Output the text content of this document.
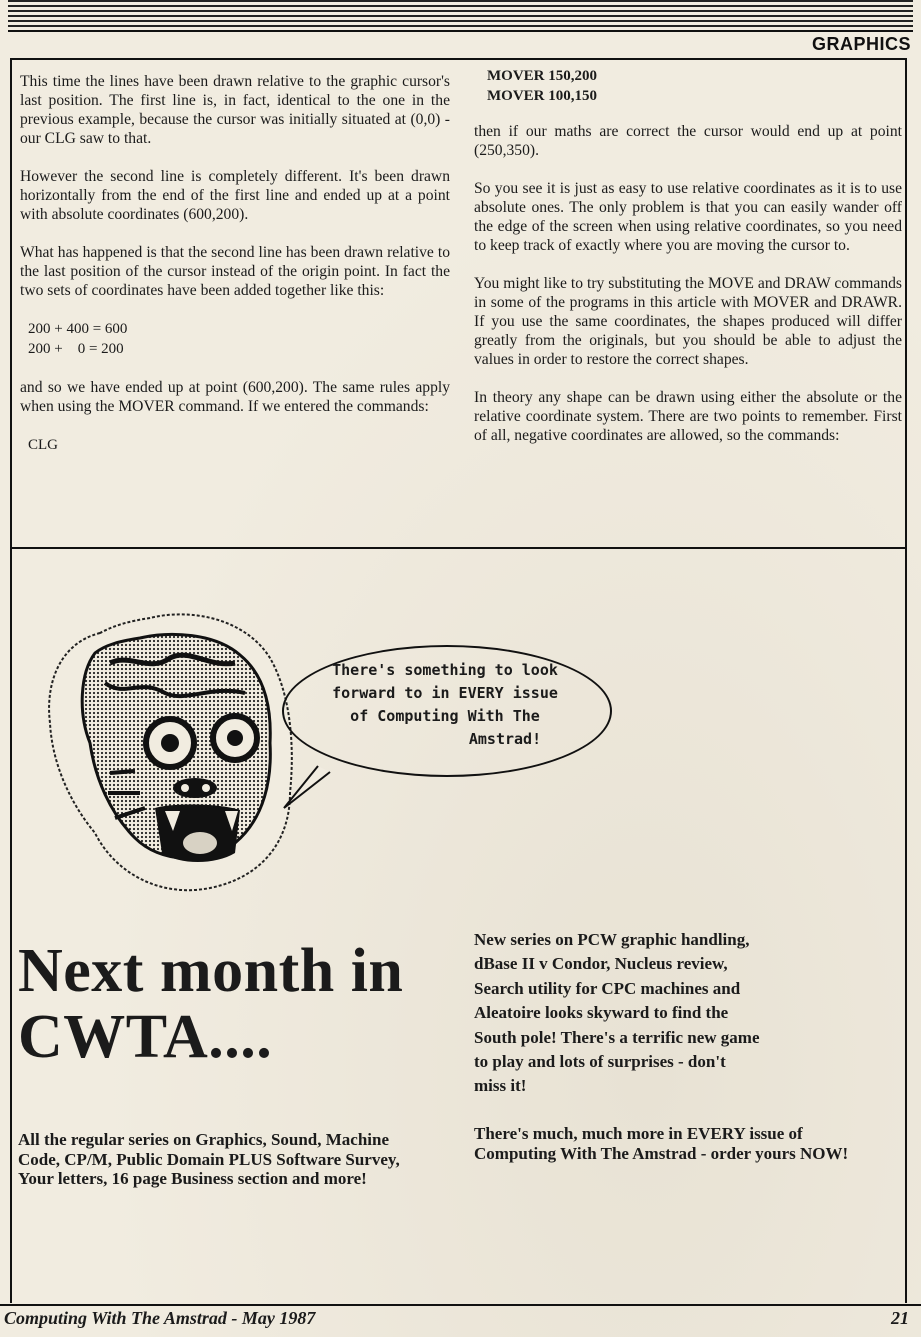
GRAPHICS

This time the lines have been drawn relative to the graphic cursor's last position. The first line is, in fact, identical to the one in the previous example, because the cursor was initially situated at (0,0) - our CLG saw to that.

However the second line is completely different. It's been drawn horizontally from the end of the first line and ended up at a point with absolute coordinates (600,200).

What has happened is that the second line has been drawn relative to the last position of the cursor instead of the origin point. In fact the two sets of coordinates have been added together like this:

200 + 400 = 600
200 +    0 = 200

and so we have ended up at point (600,200). The same rules apply when using the MOVER command. If we entered the commands:

CLG
MOVER 150,200
MOVER 100,150

then if our maths are correct the cursor would end up at point (250,350).

So you see it is just as easy to use relative coordinates as it is to use absolute ones. The only problem is that you can easily wander off the edge of the screen when using relative coordinates, so you need to keep track of exactly where you are moving the cursor to.

You might like to try substituting the MOVE and DRAW commands in some of the programs in this article with MOVER and DRAWR. If you use the same coordinates, the shapes produced will differ greatly from the originals, but you should be able to adjust the values in order to restore the correct shapes.

In theory any shape can be drawn using either the absolute or the relative coordinate system. There are two points to remember. First of all, negative coordinates are allowed, so the commands:

There's something to look
forward to in EVERY issue
of Computing With The
Amstrad!
Next month in
CWTA....
All the regular series on Graphics, Sound, Machine Code, CP/M, Public Domain PLUS Software Survey, Your letters, 16 page Business section and more!
New series on PCW graphic handling,
dBase II v Condor, Nucleus review,
Search utility for CPC machines and
Aleatoire looks skyward to find the
South pole! There's a terrific new game
to play and lots of surprises - don't
miss it!
There's much, much more in EVERY issue of Computing With The Amstrad - order yours NOW!
Computing With The Amstrad - May 1987	21
